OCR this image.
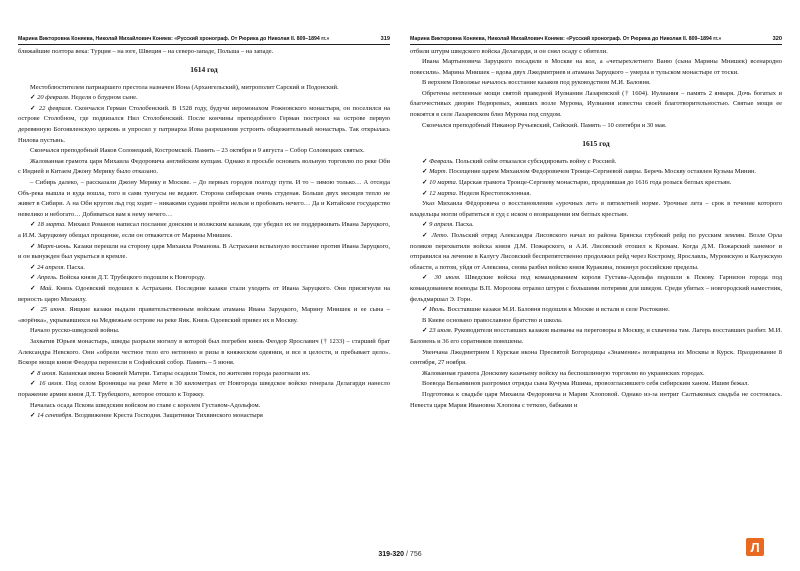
Марина Викторовна Коняева, Николай Михайлович Коняев: «Русский хронограф. От Рюрика до Николая II. 809–1894 гг.»	319
ближайшие полтора века: Турция – на юге, Швеция – на северо-западе, Польша – на западе.
1614 год

Местоблюстителем патриаршего престола назначен Иона (Архангельский), митрополит Сарский и Подонский.

✓ 20 февраля. Неделя о блудном сыне.

✓ 22 февраля. Скончался Герман Столобенский. В 1528 году, будучи иеромонахом Рожновского монастыря, он поселился на острове Столобном, где подвизался Нил Столобенский. После кончины преподобного Герман построил на острове первую деревянную Богоявленскую церковь и упросил у патриарха Иова разрешения устроить общежительный монастырь. Так открылась Нилова пустынь.

Скончался преподобный Иаков Соловецкий, Костромской. Память – 23 октября и 9 августа – Собор Соловецких святых.

Жалованная грамота царя Михаила Федоровича английским купцам. Однако в просьбе основать вольную торговлю по реке Оби с Индией и Китаем Джону Мерику было отказано.

– Сибирь далеко, – рассказали Джону Мерику в Москве. – До первых городов полгоду пути. И то – зимою только… А отсюда Объ-река вышла и куда вошла, того и сами тунгусы не ведают. Сторона сибирская очень студеная. Больше двух месяцев тепло не живет в Сибири. А на Оби кругом льд год ходит – никакими судами пройти нельзя и пробовать нечего… Да и Китайское государство невелико и небогато… Добиваться вам к нему нечего…

✓ 18 марта. Михаил Романов написал послание донским и волжским казакам, где убедил их не поддерживать Ивана Заруцкого, а И.М. Заруцкому обещал прощение, если он отважется от Марины Мнишек.

✓ Март-июнь. Казаки перешли на сторону царя Михаила Романова. В Астрахани вспыхнуло восстание против Ивана Заруцкого, и он вынужден был укрыться в кремле.

✓ 24 апреля. Пасха.

✓ Апрель. Войска князя Д.Т. Трубецкого подошли к Новгороду.

✓ Май. Князь Одоевский подошел к Астрахани. Последние казаки стали уходить от Ивана Заруцкого. Они присягнули на верность царю Михаилу.

✓ 25 июня. Яицкие казаки выдали правительственным войскам атамана Ивана Заруцкого, Марину Мнишек и ее сына – «ворёнка», укрывавшихся на Медвежьем острове на реке Яик. Князь Одоевский привез их в Москву.

Начало русско-шведской войны.

Захватив Юрьев монастырь, шведы разрыли могилу в которой был погребен князь Феодор Ярославич († 1233) – старший брат Александра Невского. Они «обрели честное тело его нетленно и ризы в княжеском одеянии, и все в целости, и пребывает цело». Вскоре мощи князя Феодора перенесли в Софийский собор. Память – 5 июня.

✓ 8 июля. Казанская икона Божией Матери. Татары осадили Томск, по жителям города разогнали их.

✓ 16 июля. Под селом Бронницы на реке Мете в 30 километрах от Новгорода шведское войско генерала Делагарди нанесло поражение армии князя Д.Т. Трубецкого, которое отошло к Торжку.

Началась осада Пскова шведским войском во главе с королем Густавом-Адольфом.

✓ 14 сентября. Воздвижение Креста Господня. Защитники Тихвинского монастыря

Марина Викторовна Коняева, Николай Михайлович Коняев: «Русский хронограф. От Рюрика до Николая II. 809–1894 гг.»	320
отбили штурм шведского войска Делагарди, и он снял осаду с обители.

Ивана Мартыновича Заруцкого посадили в Москве на кол, а «четырехлетнего Ваню (сына Марины Мнишек) всенародно повесили». Марина Мнишек – вдова двух Лжедмитриев и атамана Заруцкого – умерла в тульском монастыре от тоски.

В верхнем Поволжье началось восстание казаков под руководством М.И. Баловня.

Обретены нетленные мощи святой праведной Иулиании Лазаревской († 1604). Иулиания – память 2 января. Дочь богатых и благочестивых дворян Недюревых, живших возле Мурома, Иулиания известна своей благотворительностью. Святые мощи ее покоятся в селе Лазаревском близ Мурома под спудом.

Скончался преподобный Никанор Ручьевский, Сийский. Память – 10 сентября и 30 мая.

1615 год

✓ Февраль. Польский сейм отказался субсидировать войну с Россией.

✓ Март. Посещение царем Михаилом Федоровичем Троице-Сергиевой лавры. Беречь Москву оставлен Кузьма Минин.

✓ 10 марта. Царская грамота Троице-Сергиеву монастырю, продлившая до 1616 года розыск беглых крестьян.

✓ 12 марта. Неделя Крестопоклонная.

Указ Михаила Фёдоровича о восстановлении «урочных лет» в пятилетней норме. Урочные лета – срок в течение которого владельцы могли обратиться в суд с иском о возвращении им беглых крестьян.

✓ 9 апреля. Пасха.

✓ Лето. Польский отряд Александра Лисовского начал из района Брянска глубокий рейд по русским землям. Возле Орла поляков перехватили войска князя Д.М. Пожарского, и А.И. Лисовский отошел к Кромам. Когда Д.М. Пожарский занемог и отправился на лечение в Калугу Лисовский беспрепятственно продолжил рейд через Кострому, Ярославль, Муромскую и Калужскую области, а потом, уйдя от Алексина, снова разбил войско князя Куракина, покинул российские пределы.

✓ 30 июля. Шведские войска под командованием короля Густава-Адольфа подошли к Пскову. Гарнизон города под командованием воеводы В.П. Морозова отразил штурм с большими потерями для шведов. Среди убитых – новгородский наместник, фельдмаршал Э. Горн.

✓ Июль. Восставшие казаки М.И. Баловня подошли к Москве и встали в селе Ростокине.

В Киеве основано православное братство и школа.

✓ 23 июля. Руководители восставших казаков вызваны на переговоры в Москву, и схвачены там. Лагерь восставших разбит. М.И. Баловень и 36 его соратников повешены.

Увенчана Лжедмитрием I Курская икона Пресвятой Богородицы «Знамение» возвращена из Москвы в Курск. Празднование 8 сентября, 27 ноября.

Жалованная грамота Донскому казачьему войску на беспошлинную торговлю во украинских городах.

Воевода Вельяминов разгромил отряды сына Кучума Ишима, провозгласившего себя сибирским ханом. Ишим бежал.

Подготовка к свадьбе царя Михаила Федоровича и Марии Хлоповой. Однако из-за интриг Салтыковых свадьба не состоялась. Невеста царя Мария Ивановна Хлопова с теткою, бабками и

319-320 / 756	Л
